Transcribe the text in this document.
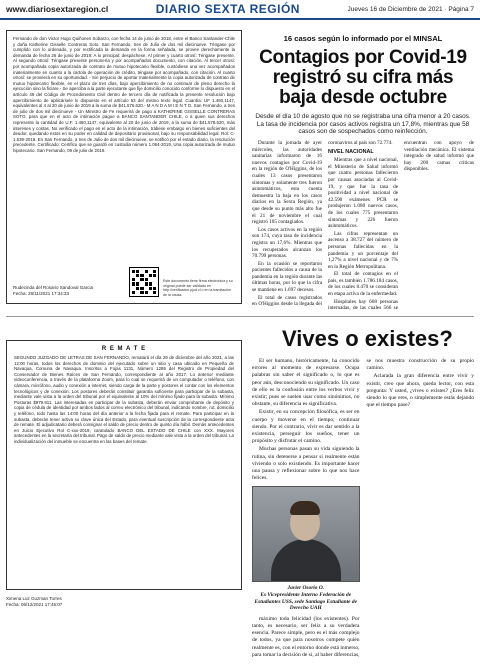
www.diariosextaregion.cl	DIARIO SEXTA REGIÓN	Jueves 16 de Diciembre de 2021 · Página 7
Fernando de don Victor Hugo Quiñones Sobarzo, con fecha 14 de junio de 2018, entre el Banco Santander-Chile y doña Katherine Gisselle Contreras Soto. San Fernando, tres de Julio de dos mil diecinueve. Téngase por cumplido con lo ordenado, y por rectificada la demanda en la forma señalada, se provee derechamente la demanda de fecha 26 de junio de 2019: A lo principal: despáchese. Al primer y cuarto otrosí: Téngase presente. Al segundo otrosí: Téngase presente personería y por acompañados documento, con citación. Al tercer otrosí: por acompañada copia autorizada de contrato de mutuo hipotecario flexible, custódiese una vez acompañados materialmente en cuanto a la cartola de operación de crédito, téngase por acompañado, con citación. Al cuarto otrosí: se proveerá en su oportunidad. - Sin perjuicio de aportar materialmente la copia autorizada de contrato de mutuo hipotecario flexible, en el plazo de tres días, bajo apercibimiento de no continuar de pleno derecho la ejecución sino la ficiare.- Se aperciba a la parte ejecutante que fije domicilio conocido conforme lo dispuesto en el artículo 49 del Código de Procedimiento Civil dentro de tercero día de notificada la presente resolución bajo apercibimiento de apliicársele lo dispuesto en el artículo 53 del mismo texto legal. Cuantía: UF 1.460,1147, equivalentes al 4 al 20 de junio de 2019 a la suma de $41.576.620.- M A N D A M I E N T O. San Fernando, a tres de julio de dos mil diecinueve - Un Ministro de Fe requerirá de pago a KATHERINE GISSELLE CONTRERAS SOTO, para que en el acto de intimación pague a BANCO SANTANDER CHILE, o a quien sus derechos represente la cantidad de U.F. 1.460,1147, equivalente al 20 de junio de 2019, a la suma de $41.578.620, más intereses y costas. No verificado el pago en el acto de la intimación, trábese embargo en bienes suficientes del deudor, quedando estos en su poder en calidad de depositario provisional, bajo su responsabilidad legal. Rol: C-1.539-2019. En San Fernando, a tres de Julio de dos mil diecinueve, se notificó por el estado diario, la resolución precedente. Certificado: Certifico que se guardó en custodia número 1.064-2019, Una copia autorizada de mutuo hipotecario. San Fernando, 09 de julio de 2019.
Rudecinda del Rosario Sandoval Garcia
Fecha: 28/11/2021 17:34:33
Este documento tiene firma electrónica y su original puede ser validado en http://verificadoc.pjud.cl o en la tramitación de la causa.
16 casos según lo informado por el MINSAL
Contagios por Covid-19 registró su cifra más baja desde octubre
Desde el día 10 de agosto que no se registraba una cifra menor a 20 casos. La tasa de incidencia por casos activos registra un 17,8%, mientras que 58 casos son de sospechados como reinfección.

Durante la jornada de ayer miércoles, las autoridades sanitarias informaron de 16 nuevos contagios por Covid-19 en la región de O'Higgins, de los cuales 13 casos presentaron síntomas y solamente tres fueron asintomáticos, esta cuenta demuestra la baja en los casos diarios en la Sexta Región, ya que desde su punto más alto fue el 21 de noviembre el cual registró 105 contagiados.

Los casos activos en la región son 174, cuya tasa de incidencia registra un 17,6%. Mientras que los recuperados alcanzan los 70.799 personas.

En la ocasión se reportaron pacientes fallecidos a causa de la pandemia en la región durante las últimas horas, por lo que la cifra se mantiene en 1.697 decesos.

El total de casos registrados en O'Higgins desde la llegada del coronavirus al país son 72.774.

NIVEL NACIONAL

Mientras que a nivel nacional, el Ministerio de Salud informó que cuatro personas fallecieron por causas asociadas al Covid-19, y que fue la tasa de positividad a nivel nacional de 42.590 exámenes PCR se produjeron 1.080 nuevos casos, de los cuales 775 presentaron síntomas y 226 fueron asintomáticos.

Las cifras representan un ascenso a 38.727 del número de personas fallecidas en la pandemia y un porcentaje del 1,27% a nivel nacional y de 7% en la Región Metropolitana.

El total de contagios en el país, es también 1.786.184 casos, de los cuales 8.470 se consideran en etapa activa de la enfermedad.

Hospitales hay 668 personas internadas, de las cuales 566 se encuentran con apoyo de ventilación mecánica. El sistema integrado de salud informó que hay 200 camas críticas disponibles.

R E M A T E
SEGUNDO JUZGADO DE LETRAS DE SAN FERNANDO, rematará el día 29 de diciembre del año 2021, a las 12:00 horas, todos los derechos de dominio del ejecutado sobre un sitio y casa ubicado en Pequeña de Navaqua, Comuna de Navaqua. Inscritos a Fojas 1131, Número 1286 del Registro de Propiedad del Conservador de Bienes Raíces de San Fernando, correspondiente al año 2017. Lo anterior mediante videoconferencia, a través de la plataforma Zoom, para lo cual se requerirá de un computador o teléfono, con cámara, micrófono, audio y conexión a internet, siendo carga de la parte y postores el contar con los elementos tecnológicos y de conexión. Los postores deberán constituir garantía suficiente para participar de la subasta, mediante vale vista a la orden del tribunal por el equivalente al 10% del mínimo fijado para la subasta. Mínimo Posturas $979.911. Las interesadas en participar de la subasta, deberán enviar comprobante de depósito y copia de cédula de identidad por ambos lados al correo electrónico del tribunal, indicando nombre, rut, domicilio y teléfono, todo hasta las 14:00 horas del día anterior a la fecha fijada para el remate. Para participar en la subasta, deberán tener activa su clave única del Estado, para eventual suscripción de la correspondiente acta de remate. El adjudicatario deberá consignar el saldo de precio dentro de quinto día hábil. Demás antecedentes en Juicio Ejecutivo Rol C-xxx-2019, caratulado BANCO DEL ESTADO DE CHILE con XXX. Mayores antecedentes en la secretaría del tribunal. Pago de saldo de precio mediante vale vista a la orden del tribunal. La individualización del inmueble se encuentra en las bases del remate.
Ximena Luz Guzman Torres
Fecha: 06/12/2021 17:45:07
Vives o existes?

El ser humano, históricamente, ha conocido errores al momento de expresarse. Ocupa palabras sin saber el significado o, lo que es peor aún, desconociendo su significado. Un caso de ello es la confusión entre los verbos vivir y existir; pues se suelen usar como sinónimos, no obstante, su diferencia es significativa.

Existir, en su concepción filosófica, es ser en cuerpo y moverse en el tiempo; continuar siendo. Por el contrario, vivir es dar sentido a la existencia, perseguir los sueños, tener un propósito y disfrutar el camino.

Muchas personas pasan su vida siguiendo la rutina, sin detenerse a pensar si realmente están viviendo o solo existiendo. Es importante hacer una pausa y reflexionar sobre lo que nos hace felices.

Javier Osorio O.
Es Vicepresidente Interno Federación de Estudiantes USS, sede Santiago Estudiante de Derecho UAH

máximo toda felicidad (los existentes). Por tanto, es necesario, ser feliz a su verdadera esencia. Parece simple, pero es el más complejo de todos, ya que para nosotros compete quién realmente es, con el entorno donde está inmerso, para tomar la decisión de si, al haber diferencias, se nos muestra construcción de su propio camino.

Aclarada la gran diferencia entre vivir y existir, creo que ahora, queda lector, con esta pregunta: Y usted, ¿vives o existes? ¿Eres feliz siendo lo que eres, o simplemente estás dejando que el tiempo pase?
